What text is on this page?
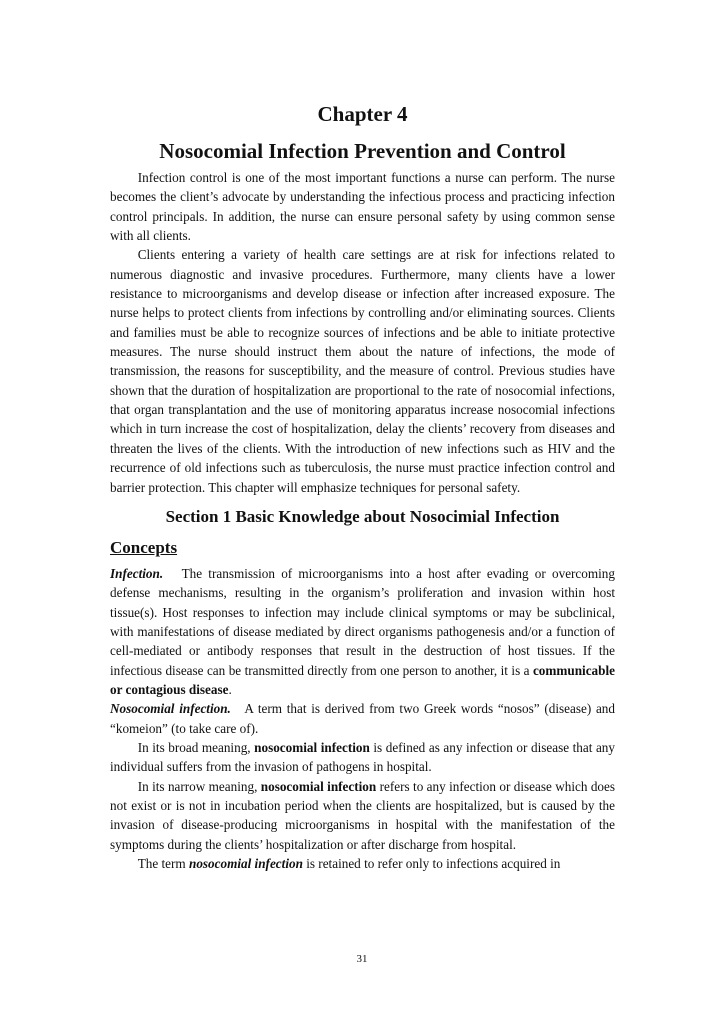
Chapter 4
Nosocomial Infection Prevention and Control

Infection control is one of the most important functions a nurse can perform. The nurse becomes the client’s advocate by understanding the infectious process and practicing infection control principals. In addition, the nurse can ensure personal safety by using common sense with all clients.

Clients entering a variety of health care settings are at risk for infections related to numerous diagnostic and invasive procedures. Furthermore, many clients have a lower resistance to microorganisms and develop disease or infection after increased exposure. The nurse helps to protect clients from infections by controlling and/or eliminating sources. Clients and families must be able to recognize sources of infections and be able to initiate protective measures. The nurse should instruct them about the nature of infections, the mode of transmission, the reasons for susceptibility, and the measure of control. Previous studies have shown that the duration of hospitalization are proportional to the rate of nosocomial infections, that organ transplantation and the use of monitoring apparatus increase nosocomial infections which in turn increase the cost of hospitalization, delay the clients’ recovery from diseases and threaten the lives of the clients. With the introduction of new infections such as HIV and the recurrence of old infections such as tuberculosis, the nurse must practice infection control and barrier protection. This chapter will emphasize techniques for personal safety.

Section 1 Basic Knowledge about Nosocimial Infection
Concepts

Infection. The transmission of microorganisms into a host after evading or overcoming defense mechanisms, resulting in the organism’s proliferation and invasion within host tissue(s). Host responses to infection may include clinical symptoms or may be subclinical, with manifestations of disease mediated by direct organisms pathogenesis and/or a function of cell-mediated or antibody responses that result in the destruction of host tissues. If the infectious disease can be transmitted directly from one person to another, it is a communicable or contagious disease.

Nosocomial infection. A term that is derived from two Greek words “nosos” (disease) and “komeion” (to take care of).

In its broad meaning, nosocomial infection is defined as any infection or disease that any individual suffers from the invasion of pathogens in hospital.

In its narrow meaning, nosocomial infection refers to any infection or disease which does not exist or is not in incubation period when the clients are hospitalized, but is caused by the invasion of disease-producing microorganisms in hospital with the manifestation of the symptoms during the clients’ hospitalization or after discharge from hospital.

The term nosocomial infection is retained to refer only to infections acquired in

31
